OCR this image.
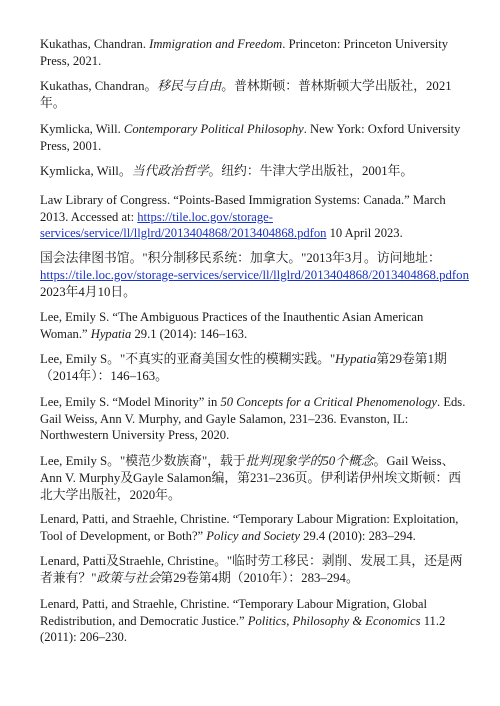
Kukathas, Chandran. Immigration and Freedom. Princeton: Princeton University Press, 2021.

Kukathas, Chandran。移民与自由。普林斯顿：普林斯顿大学出版社，2021年。

Kymlicka, Will. Contemporary Political Philosophy. New York: Oxford University Press, 2001.

Kymlicka, Will。当代政治哲学。纽约：牛津大学出版社，2001年。

Law Library of Congress. “Points-Based Immigration Systems: Canada.” March 2013. Accessed at: https://tile.loc.gov/storage-services/service/ll/llglrd/2013404868/2013404868.pdfon 10 April 2023.

国会法律图书馆。"积分制移民系统：加拿大。"2013年3月。访问地址：https://tile.loc.gov/storage-services/service/ll/llglrd/2013404868/2013404868.pdfon 2023年4月10日。

Lee, Emily S. “The Ambiguous Practices of the Inauthentic Asian American Woman.” Hypatia 29.1 (2014): 146–163.

Lee, Emily S。"不真实的亚裔美国女性的模糊实践。"Hypatia第29卷第1期（2014年）：146–163。

Lee, Emily S. “Model Minority” in 50 Concepts for a Critical Phenomenology. Eds. Gail Weiss, Ann V. Murphy, and Gayle Salamon, 231–236. Evanston, IL: Northwestern University Press, 2020.

Lee, Emily S。"模范少数族裔"，载于批判现象学的50个概念。Gail Weiss、Ann V. Murphy及Gayle Salamon编，第231–236页。伊利诺伊州埃文斯顿：西北大学出版社，2020年。

Lenard, Patti, and Straehle, Christine. “Temporary Labour Migration: Exploitation, Tool of Development, or Both?” Policy and Society 29.4 (2010): 283–294.

Lenard, Patti及Straehle, Christine。"临时劳工移民：剥削、发展工具，还是两者兼有？"政策与社会第29卷第4期（2010年）：283–294。

Lenard, Patti, and Straehle, Christine. “Temporary Labour Migration, Global Redistribution, and Democratic Justice.” Politics, Philosophy & Economics 11.2 (2011): 206–230.
